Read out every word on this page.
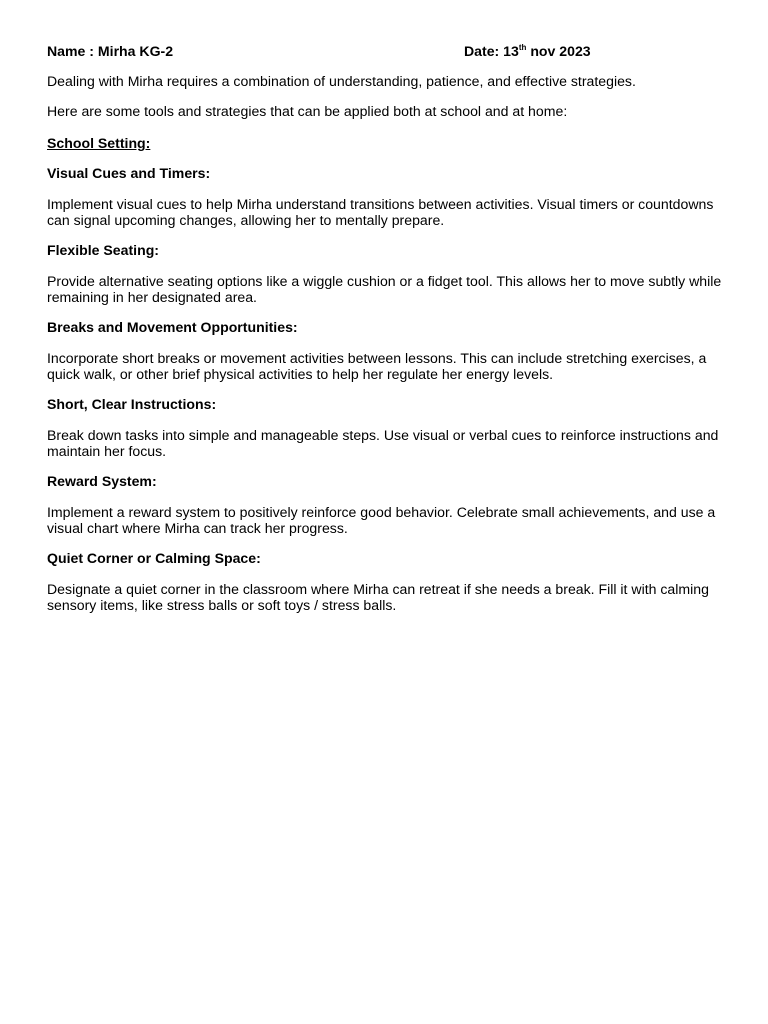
Name : Mirha KG-2	Date: 13th nov 2023
Dealing with Mirha requires a combination of understanding, patience, and effective strategies.
Here are some tools and strategies that can be applied both at school and at home:
School Setting:
Visual Cues and Timers:
Implement visual cues to help Mirha understand transitions between activities. Visual timers or countdowns can signal upcoming changes, allowing her to mentally prepare.
Flexible Seating:
Provide alternative seating options like a wiggle cushion or a fidget tool. This allows her to move subtly while remaining in her designated area.
Breaks and Movement Opportunities:
Incorporate short breaks or movement activities between lessons. This can include stretching exercises, a quick walk, or other brief physical activities to help her regulate her energy levels.
Short, Clear Instructions:
Break down tasks into simple and manageable steps. Use visual or verbal cues to reinforce instructions and maintain her focus.
Reward System:
Implement a reward system to positively reinforce good behavior. Celebrate small achievements, and use a visual chart where Mirha can track her progress.
Quiet Corner or Calming Space:
Designate a quiet corner in the classroom where Mirha can retreat if she needs a break. Fill it with calming sensory items, like stress balls or soft toys / stress balls.
